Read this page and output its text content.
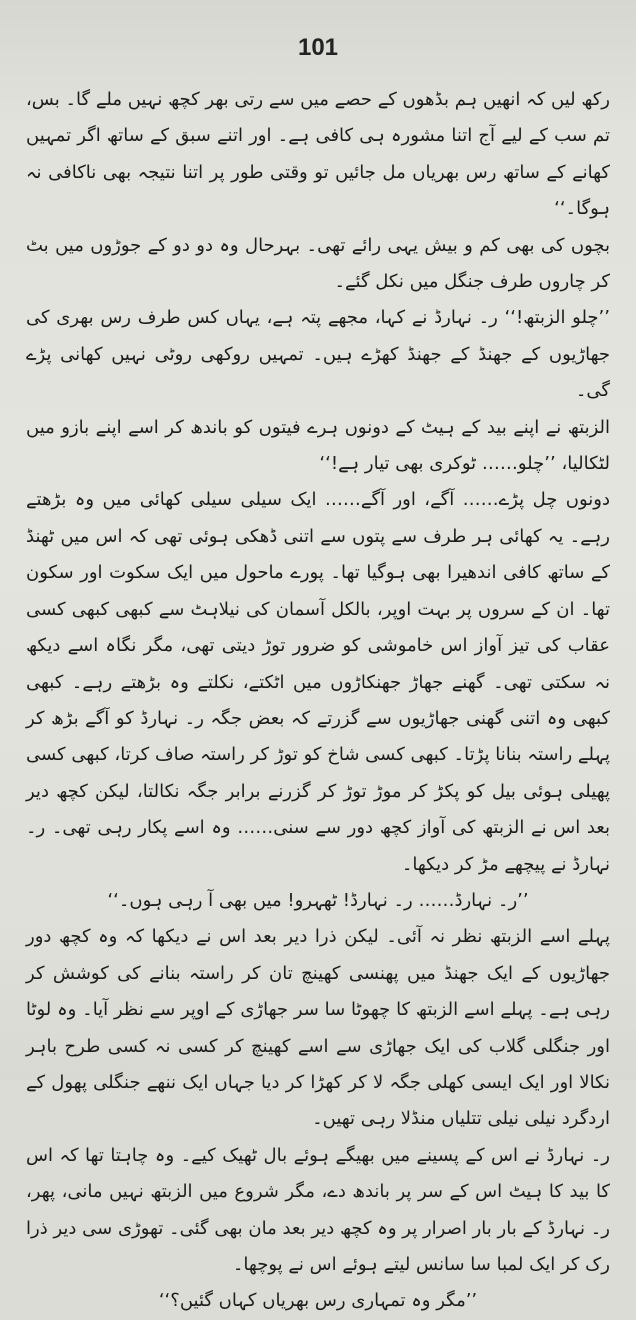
101

رکھ لیں کہ انھیں ہم بڈھوں کے حصے میں سے رتی بھر کچھ نہیں ملے گا۔ بس، تم سب کے لیے آج اتنا مشورہ ہی کافی ہے۔ اور اتنے سبق کے ساتھ اگر تمہیں کھانے کے ساتھ رس بھریاں مل جائیں تو وقتی طور پر اتنا نتیجہ بھی ناکافی نہ ہوگا۔‘‘

بچوں کی بھی کم و بیش یہی رائے تھی۔ بہرحال وہ دو دو کے جوڑوں میں بٹ کر چاروں طرف جنگل میں نکل گئے۔

’’چلو الزبتھ!‘‘ ر۔ نہارڈ نے کہا، مجھے پتہ ہے، یہاں کس طرف رس بھری کی جھاڑیوں کے جھنڈ کے جھنڈ کھڑے ہیں۔ تمہیں روکھی روٹی نہیں کھانی پڑے گی۔

الزبتھ نے اپنے بید کے ہیٹ کے دونوں ہرے فیتوں کو باندھ کر اسے اپنے بازو میں لٹکالیا، ’’چلو…… ٹوکری بھی تیار ہے!‘‘

دونوں چل پڑے…… آگے، اور آگے…… ایک سیلی سیلی کھائی میں وہ بڑھتے رہے۔ یہ کھائی ہر طرف سے پتوں سے اتنی ڈھکی ہوئی تھی کہ اس میں ٹھنڈ کے ساتھ کافی اندھیرا بھی ہوگیا تھا۔ پورے ماحول میں ایک سکوت اور سکون تھا۔ ان کے سروں پر بہت اوپر، بالکل آسمان کی نیلاہٹ سے کبھی کبھی کسی عقاب کی تیز آواز اس خاموشی کو ضرور توڑ دیتی تھی، مگر نگاہ اسے دیکھ نہ سکتی تھی۔ گھنے جھاڑ جھنکاڑوں میں اٹکتے، نکلتے وہ بڑھتے رہے۔ کبھی کبھی وہ اتنی گھنی جھاڑیوں سے گزرتے کہ بعض جگہ ر۔ نہارڈ کو آگے بڑھ کر پہلے راستہ بنانا پڑتا۔ کبھی کسی شاخ کو توڑ کر راستہ صاف کرتا، کبھی کسی پھیلی ہوئی بیل کو پکڑ کر موڑ توڑ کر گزرنے برابر جگہ نکالتا، لیکن کچھ دیر بعد اس نے الزبتھ کی آواز کچھ دور سے سنی…… وہ اسے پکار رہی تھی۔ ر۔ نہارڈ نے پیچھے مڑ کر دیکھا۔

’’ر۔ نہارڈ…… ر۔ نہارڈ! ٹھہرو! میں بھی آ رہی ہوں۔‘‘

پہلے اسے الزبتھ نظر نہ آئی۔ لیکن ذرا دیر بعد اس نے دیکھا کہ وہ کچھ دور جھاڑیوں کے ایک جھنڈ میں پھنسی کھینچ تان کر راستہ بنانے کی کوشش کر رہی ہے۔ پہلے اسے الزبتھ کا چھوٹا سا سر جھاڑی کے اوپر سے نظر آیا۔ وہ لوٹا اور جنگلی گلاب کی ایک جھاڑی سے اسے کھینچ کر کسی نہ کسی طرح باہر نکالا اور ایک ایسی کھلی جگہ لا کر کھڑا کر دیا جہاں ایک ننھے جنگلی پھول کے اردگرد نیلی نیلی تتلیاں منڈلا رہی تھیں۔

ر۔ نہارڈ نے اس کے پسینے میں بھیگے ہوئے بال ٹھیک کیے۔ وہ چاہتا تھا کہ اس کا بید کا ہیٹ اس کے سر پر باندھ دے، مگر شروع میں الزبتھ نہیں مانی، پھر، ر۔ نہارڈ کے بار بار اصرار پر وہ کچھ دیر بعد مان بھی گئی۔ تھوڑی سی دیر ذرا رک کر ایک لمبا سا سانس لیتے ہوئے اس نے پوچھا۔

’’مگر وہ تمہاری رس بھریاں کہاں گئیں؟‘‘
